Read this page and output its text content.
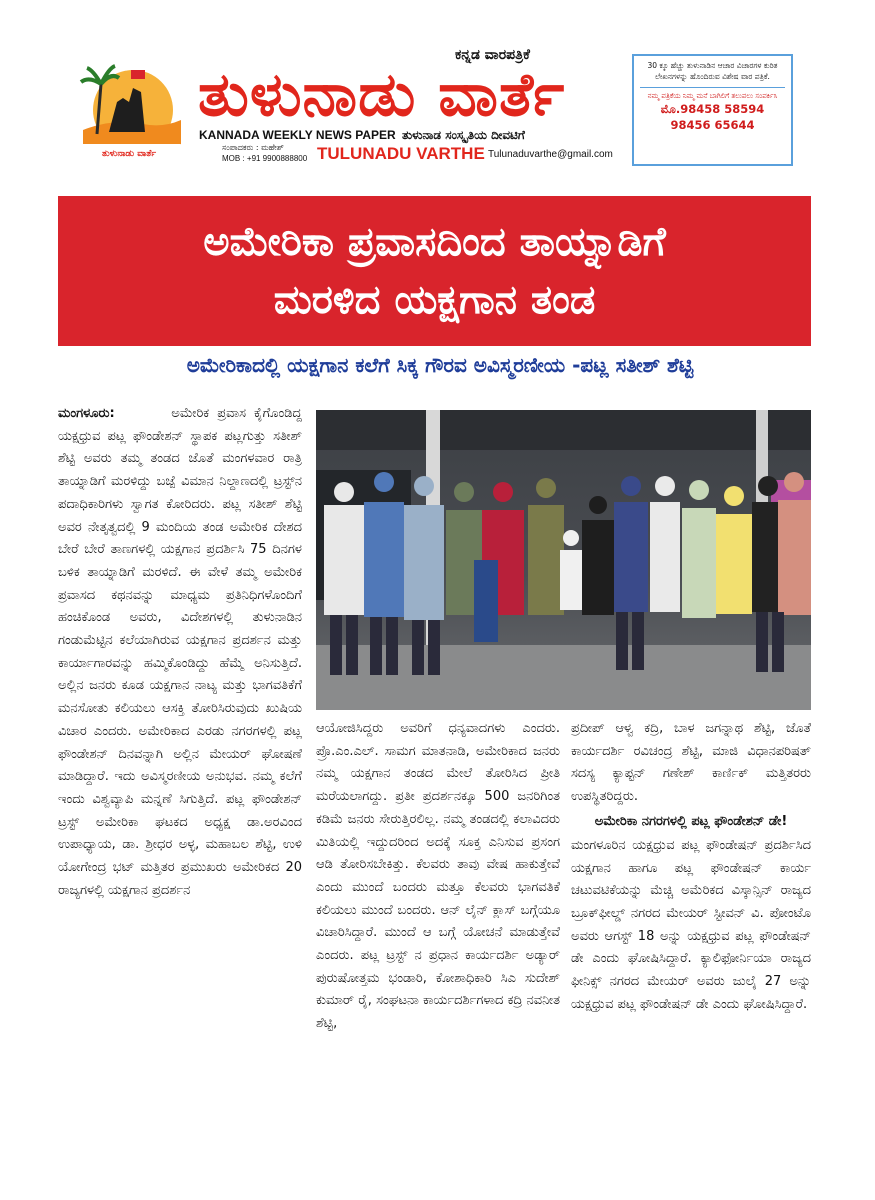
ತುಳುನಾಡು ವಾರ್ತೆ
ಕನ್ನಡ ವಾರಪತ್ರಿಕೆ
ತುಳುನಾಡು ವಾರ್ತೆ
KANNADA WEEKLY NEWS PAPER ತುಳುನಾಡ ಸಂಸ್ಕೃತಿಯ ದೀವಟಿಗೆ
ಸಂಪಾದಕರು : ಮಹೇಶ್
MOB : +91 9900888800 TULUNADU VARTHE Tulunaduvarthe@gmail.com
30 ಕ್ಕೂ ಹೆಚ್ಚು ತುಳುನಾಡಿನ ಆಚಾರ ವಿಚಾರಗಳ ಕುರಿತ ಲೇಖನಗಳನ್ನು ಹೊಂದಿರುವ ವಿಶೇಷ ವಾರ ಪತ್ರಿಕೆ.
ನಮ್ಮ ಪತ್ರಿಕೆಯ ನಿಮ್ಮ ಮನೆ ಬಾಗಿಲಿಗೆ ತಲುಪಲು ಸಂಪರ್ಕಿಸಿ
ಮೊ.98458 58594
98456 65644
ಅಮೇರಿಕಾ ಪ್ರವಾಸದಿಂದ ತಾಯ್ನಾಡಿಗೆ
ಮರಳಿದ ಯಕ್ಷಗಾನ ತಂಡ
ಅಮೇರಿಕಾದಲ್ಲಿ ಯಕ್ಷಗಾನ ಕಲೆಗೆ ಸಿಕ್ಕ ಗೌರವ ಅವಿಸ್ಮರಣೀಯ -ಪಟ್ಲ ಸತೀಶ್ ಶೆಟ್ಟಿ

ಮಂಗಳೂರು:	ಅಮೇರಿಕ ಪ್ರವಾಸ ಕೈಗೊಂಡಿದ್ದ ಯಕ್ಷಧ್ರುವ ಪಟ್ಲ ಫೌಂಡೇಶನ್ ಸ್ಥಾಪಕ ಪಟ್ಲಗುತ್ತು ಸತೀಶ್ ಶೆಟ್ಟಿ ಅವರು ತಮ್ಮ ತಂಡದ ಜೊತೆ ಮಂಗಳವಾರ ರಾತ್ರಿ ತಾಯ್ನಾಡಿಗೆ ಮರಳಿದ್ದು ಬಜ್ಪೆ ವಿಮಾನ ನಿಲ್ದಾಣದಲ್ಲಿ ಟ್ರಸ್ಟ್‌ನ ಪದಾಧಿಕಾರಿಗಳು ಸ್ವಾಗತ ಕೋರಿದರು. ಪಟ್ಲ ಸತೀಶ್ ಶೆಟ್ಟಿ ಅವರ ನೇತೃತ್ವದಲ್ಲಿ 9 ಮಂದಿಯ ತಂಡ ಅಮೇರಿಕ ದೇಶದ ಬೇರೆ ಬೇರೆ ತಾಣಗಳಲ್ಲಿ ಯಕ್ಷಗಾನ ಪ್ರದರ್ಶಿಸಿ 75 ದಿನಗಳ ಬಳಿಕ ತಾಯ್ನಾಡಿಗೆ ಮರಳಿದೆ. ಈ ವೇಳೆ ತಮ್ಮ ಅಮೇರಿಕ ಪ್ರವಾಸದ ಕಥನವನ್ನು ಮಾಧ್ಯಮ ಪ್ರತಿನಿಧಿಗಳೊಂದಿಗೆ ಹಂಚಿಕೊಂಡ ಅವರು, ವಿದೇಶಗಳಲ್ಲಿ ತುಳುನಾಡಿನ ಗಂಡುಮೆಟ್ಟಿನ ಕಲೆಯಾಗಿರುವ ಯಕ್ಷಗಾನ ಪ್ರದರ್ಶನ ಮತ್ತು ಕಾರ್ಯಾಗಾರವನ್ನು ಹಮ್ಮಿಕೊಂಡಿದ್ದು ಹೆಮ್ಮೆ ಅನಿಸುತ್ತಿದೆ. ಅಲ್ಲಿನ ಜನರು ಕೂಡ ಯಕ್ಷಗಾನ ನಾಟ್ಯ ಮತ್ತು ಭಾಗವತಿಕೆಗೆ ಮನಸೋತು ಕಲಿಯಲು ಆಸಕ್ತಿ ತೋರಿಸಿರುವುದು ಖುಷಿಯ ವಿಚಾರ ಎಂದರು. ಅಮೇರಿಕಾದ ಎರಡು ನಗರಗಳಲ್ಲಿ ಪಟ್ಲ ಫೌಂಡೇಶನ್ ದಿನವನ್ನಾಗಿ ಅಲ್ಲಿನ ಮೇಯರ್ ಘೋಷಣೆ ಮಾಡಿದ್ದಾರೆ. ಇದು ಅವಿಸ್ಮರಣೀಯ ಅನುಭವ. ನಮ್ಮ ಕಲೆಗೆ ಇಂದು ವಿಶ್ವವ್ಯಾಪಿ ಮನ್ನಣೆ ಸಿಗುತ್ತಿದೆ. ಪಟ್ಲ ಫೌಂಡೇಶನ್ ಟ್ರಸ್ಟ್ ಅಮೇರಿಕಾ ಘಟಕದ ಅಧ್ಯಕ್ಷ ಡಾ.ಅರವಿಂದ ಉಪಾಧ್ಯಾಯ, ಡಾ. ಶ್ರೀಧರ ಅಳ್ಳ, ಮಹಾಬಲ ಶೆಟ್ಟಿ, ಉಳಿ ಯೋಗೇಂದ್ರ ಭಟ್ ಮತ್ತಿತರ ಪ್ರಮುಖರು ಅಮೇರಿಕದ 20 ರಾಜ್ಯಗಳಲ್ಲಿ ಯಕ್ಷಗಾನ ಪ್ರದರ್ಶನ

ಆಯೋಜಿಸಿದ್ದರು ಅವರಿಗೆ ಧನ್ಯವಾದಗಳು ಎಂದರು. ಪ್ರೊ.ಎಂ.ಎಲ್. ಸಾಮಗ ಮಾತನಾಡಿ, ಅಮೇರಿಕಾದ ಜನರು ನಮ್ಮ ಯಕ್ಷಗಾನ ತಂಡದ ಮೇಲೆ ತೋರಿಸಿದ ಪ್ರೀತಿ ಮರೆಯಲಾಗದ್ದು. ಪ್ರತೀ ಪ್ರದರ್ಶನಕ್ಕೂ 500 ಜನರಿಗಿಂತ ಕಡಿಮೆ ಜನರು ಸೇರುತ್ತಿರಲಿಲ್ಲ. ನಮ್ಮ ತಂಡದಲ್ಲಿ ಕಲಾವಿದರು ಮಿತಿಯಲ್ಲಿ ಇದ್ದುದರಿಂದ ಅದಕ್ಕೆ ಸೂಕ್ತ ಎನಿಸುವ ಪ್ರಸಂಗ ಆಡಿ ತೋರಿಸಬೇಕಿತ್ತು. ಕೆಲವರು ತಾವು ವೇಷ ಹಾಕುತ್ತೇವೆ ಎಂದು ಮುಂದೆ ಬಂದರು ಮತ್ತೂ ಕೆಲವರು ಭಾಗವತಿಕೆ ಕಲಿಯಲು ಮುಂದೆ ಬಂದರು. ಆನ್ ಲೈನ್ ಕ್ಲಾಸ್ ಬಗ್ಗೆಯೂ ವಿಚಾರಿಸಿದ್ದಾರೆ. ಮುಂದೆ ಆ ಬಗ್ಗೆ ಯೋಚನೆ ಮಾಡುತ್ತೇವೆ ಎಂದರು. ಪಟ್ಲ ಟ್ರಸ್ಟ್ ನ ಪ್ರಧಾನ ಕಾರ್ಯದರ್ಶಿ ಅಡ್ಯಾರ್ ಪುರುಷೋತ್ತಮ ಭಂಡಾರಿ, ಕೋಶಾಧಿಕಾರಿ ಸಿಎ ಸುದೇಶ್ ಕುಮಾರ್ ರೈ, ಸಂಘಟನಾ ಕಾರ್ಯದರ್ಶಿಗಳಾದ ಕದ್ರಿ ನವನೀತ ಶೆಟ್ಟಿ,

ಪ್ರದೀಪ್ ಆಳ್ವ ಕದ್ರಿ, ಬಾಳ ಜಗನ್ನಾಥ ಶೆಟ್ಟಿ, ಜೊತೆ ಕಾರ್ಯದರ್ಶಿ ರವಿಚಂದ್ರ ಶೆಟ್ಟಿ, ಮಾಜಿ ವಿಧಾನಪರಿಷತ್ ಸದಸ್ಯ ಕ್ಯಾಪ್ಟನ್ ಗಣೇಶ್ ಕಾರ್ಣಿಕ್ ಮತ್ತಿತರರು ಉಪಸ್ಥಿತರಿದ್ದರು.

ಅಮೇರಿಕಾ ನಗರಗಳಲ್ಲಿ ಪಟ್ಲ ಫೌಂಡೇಶನ್ ಡೇ!

ಮಂಗಳೂರಿನ ಯಕ್ಷಧ್ರುವ ಪಟ್ಲ ಫೌಂಡೇಷನ್ ಪ್ರದರ್ಶಿಸಿದ ಯಕ್ಷಗಾನ ಹಾಗೂ ಪಟ್ಲ ಫೌಂಡೇಷನ್ ಕಾರ್ಯ ಚಟುವಟಿಕೆಯನ್ನು ಮೆಚ್ಚಿ ಅಮೆರಿಕದ ವಿಸ್ಕಾನ್ಸಿನ್ ರಾಜ್ಯದ ಬ್ರೂಕ್‌ಫೀಲ್ಡ್ ನಗರದ ಮೇಯರ್ ಸ್ಟೀವನ್ ವಿ. ಪೋಂಟೊ ಅವರು ಆಗಸ್ಟ್ 18 ಅನ್ನು ಯಕ್ಷಧ್ರುವ ಪಟ್ಲ ಫೌಂಡೇಷನ್ ಡೇ ಎಂದು ಘೋಷಿಸಿದ್ದಾರೆ. ಕ್ಯಾಲಿಫೋರ್ನಿಯಾ ರಾಜ್ಯದ ಫೀನಿಕ್ಸ್ ನಗರದ ಮೇಯರ್ ಅವರು ಜುಲೈ 27 ಅನ್ನು ಯಕ್ಷಧ್ರುವ ಪಟ್ಲ ಫೌಂಡೇಷನ್ ಡೇ ಎಂದು ಘೋಷಿಸಿದ್ದಾರೆ.
